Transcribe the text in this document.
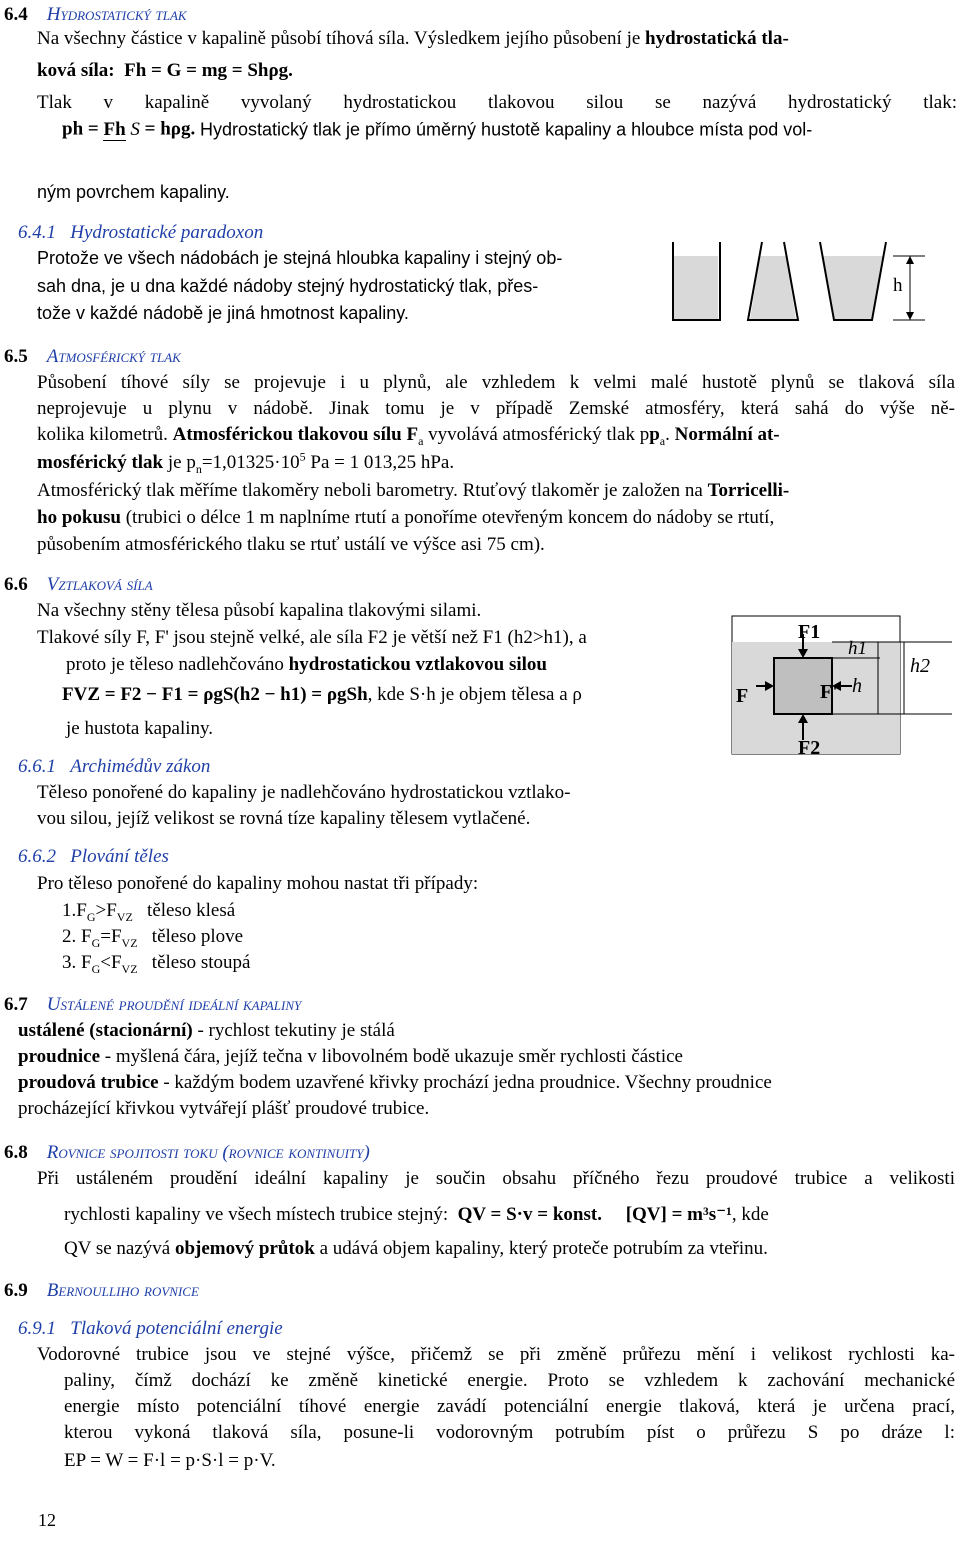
6.4 Hydrostatický tlak
Na všechny částice v kapalině působí tíhová síla. Výsledkem jejího působení je hydrostatická tla-
ková síla: Fh = G = mg = Shρg.
Tlak v kapalině vyvolaný hydrostatickou tlakovou silou se nazývá hydrostatický tlak:
ph = Fh S = hρg. Hydrostatický tlak je přímo úměrný hustotě kapaliny a hloubce místa pod vol-
ným povrchem kapaliny.
6.4.1 Hydrostatické paradoxon
Protože ve všech nádobách je stejná hloubka kapaliny i stejný ob-
sah dna, je u dna každé nádoby stejný hydrostatický tlak, přes-
tože v každé nádobě je jiná hmotnost kapaliny.
h
6.5 Atmosférický tlak
Působení tíhové síly se projevuje i u plynů, ale vzhledem k velmi malé hustotě plynů se tlaková síla
neprojevuje u plynu v nádobě. Jinak tomu je v případě Zemské atmosféry, která sahá do výše ně-
kolika kilometrů. Atmosférickou tlakovou sílu $F_a$ vyvolává atmosférický tlak $pp_a$. Normální at-
mosférický tlak je $p_n=1,01325\cdot 10^5$ Pa = 1 013,25 hPa.
Atmosférický tlak měříme tlakoměry neboli barometry. Rtuťový tlakoměr je založen na Torricelli-
ho pokusu (trubici o délce 1 m naplníme rtutí a ponoříme otevřeným koncem do nádoby se rtutí,
působením atmosférického tlaku se rtuť ustálí ve výšce asi 75 cm).
6.6 Vztlaková síla
Na všechny stěny tělesa působí kapalina tlakovými silami.
Tlakové síly F, F' jsou stejně velké, ale síla F2 je větší než F1 (h2>h1), a
proto je těleso nadlehčováno hydrostatickou vztlakovou silou
FVZ = F2 − F1 = ρgS(h2 − h1) = ρgSh, kde S·h je objem tělesa a ρ
je hustota kapaliny.
F1
F2
F	F'
h1
h
h2
6.6.1 Archimédův zákon
Těleso ponořené do kapaliny je nadlehčováno hydrostatickou vztlako-
vou silou, jejíž velikost se rovná tíze kapaliny tělesem vytlačené.
6.6.2 Plování těles
Pro těleso ponořené do kapaliny mohou nastat tři případy:
$1.F_G>F_{VZ}$ těleso klesá
2. $F_G=F_{VZ}$ těleso plove
3. $F_G<F_{VZ}$ těleso stoupá
6.7 Ustálené proudění ideální kapaliny
ustálené (stacionární) - rychlost tekutiny je stálá
proudnice - myšlená čára, jejíž tečna v libovolném bodě ukazuje směr rychlosti částice
proudová trubice - každým bodem uzavřené křivky prochází jedna proudnice. Všechny proudnice
procházející křivkou vytvářejí plášť proudové trubice.
6.8 Rovnice spojitosti toku (rovnice kontinuity)
Při ustáleném proudění ideální kapaliny je součin obsahu příčného řezu proudové trubice a velikosti
rychlosti kapaliny ve všech místech trubice stejný: QV = S·v = konst. [QV] = m³s⁻¹, kde
QV se nazývá objemový průtok a udává objem kapaliny, který proteče potrubím za vteřinu.
6.9 Bernoulliho rovnice
6.9.1 Tlaková potenciální energie
Vodorovné trubice jsou ve stejné výšce, přičemž se při změně průřezu mění i velikost rychlosti ka-
paliny, čímž dochází ke změně kinetické energie. Proto se vzhledem k zachování mechanické
energie místo potenciální tíhové energie zavádí potenciální energie tlaková, která je určena prací,
kterou vykoná tlaková síla, posune-li vodorovným potrubím píst o průřezu S po dráze l:
EP = W = F·l = p·S·l = p·V.
12
